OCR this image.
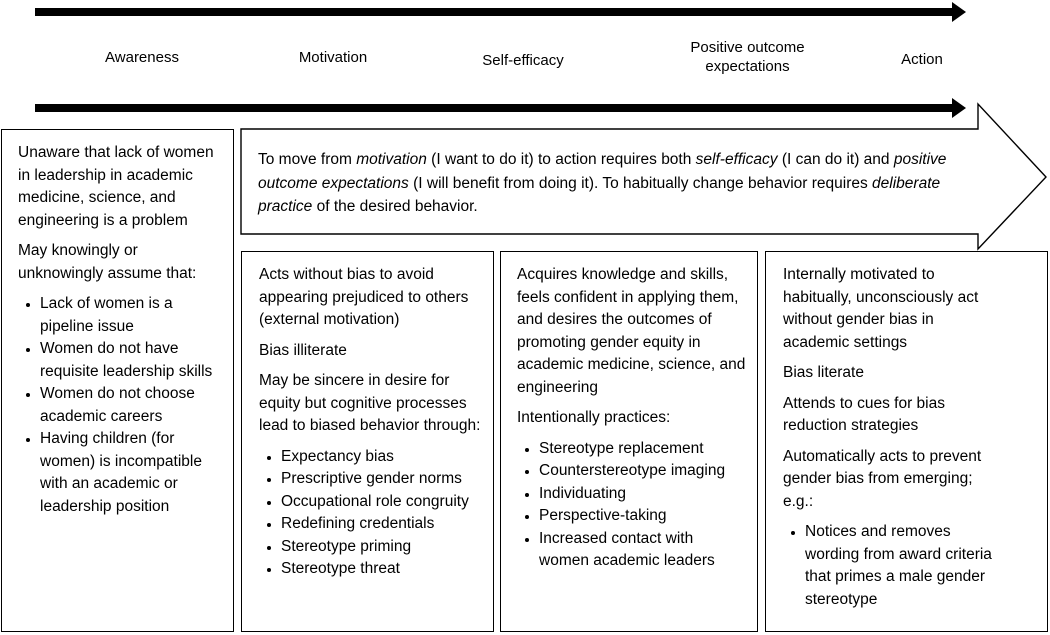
Awareness	Motivation	Self-efficacy
Positive outcome expectations	Action
To move from motivation (I want to do it) to action requires both self-efficacy (I can do it) and positive outcome expectations (I will benefit from doing it). To habitually change behavior requires deliberate practice of the desired behavior.

Unaware that lack of women in leadership in academic medicine, science, and engineering is a problem

May knowingly or unknowingly assume that:

• Lack of women is a pipeline issue
• Women do not have requisite leadership skills
• Women do not choose academic careers
• Having children (for women) is incompatible with an academic or leadership position

Acts without bias to avoid appearing prejudiced to others (external motivation)

Bias illiterate

May be sincere in desire for equity but cognitive processes lead to biased behavior through:

• Expectancy bias
• Prescriptive gender norms
• Occupational role congruity
• Redefining credentials
• Stereotype priming
• Stereotype threat

Acquires knowledge and skills, feels confident in applying them, and desires the outcomes of promoting gender equity in academic medicine, science, and engineering

Intentionally practices:

• Stereotype replacement
• Counterstereotype imaging
• Individuating
• Perspective-taking
• Increased contact with women academic leaders

Internally motivated to habitually, unconsciously act without gender bias in academic settings

Bias literate

Attends to cues for bias reduction strategies

Automatically acts to prevent gender bias from emerging; e.g.:

• Notices and removes wording from award criteria that primes a male gender stereotype
